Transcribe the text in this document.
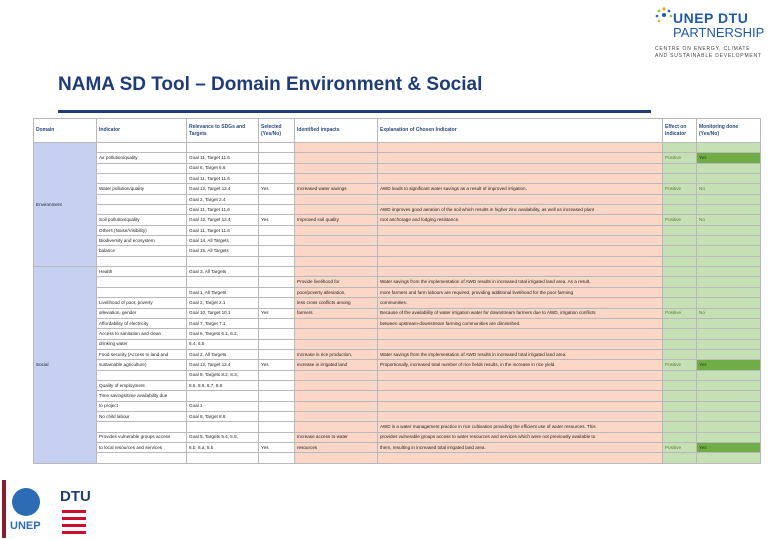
UNEP DTU
PARTNERSHIP
CENTRE ON ENERGY, CLIMATE
AND SUSTAINABLE DEVELOPMENT
NAMA SD Tool – Domain Environment & Social
Domain	Indicator	Relevance to SDGs and Targets	Selected (Yes/No)	Identified impacts	Explanation of Chosen Indicator	Effect on Indicator	Monitoring done (Yes/No)
Environment							
	Air pollution/quality	Goal 11, Target 11.6				Positive	Yes
		Goal 6, Target 6.6					
		Goal 11, Target 11.6					
	Water pollution/quality	Goal 12, Target 12.4	Yes	Increased water savings	AWD leads to significant water savings as a result of improved irrigation.	Positive	No
		Goal 2, Target 2.4					
		Goal 11, Target 11.6			AWD improves good aeration of the soil which results in higher zinc availability, as well as increased plant		
	Soil pollution/quality	Goal 12, Target 12.4	Yes	Improved soil quality	root anchorage and lodging resistance.	Positive	No
	Others (Noise/Visibility)	Goal 11, Target 11.6					
	Biodiversity and ecosystem	Goal 14, All Targets					
	balance	Goal 15, All Targets					

Social	Health	Goal 3, All Targets					
				Provide livelihood for	Water savings from the implementation of AWD results in increased total irrigated land area. As a result,		
		Goal 1, All Targets		poor/poverty alleviation,	more farmers and farm labours are required, providing additional livelihood for the poor farming		
	Livelihood of poor, poverty	Goal 2, Target 2.1		less cross conflicts among	communities.		
	alleviation, gender	Goal 10, Target 10.1	Yes	farmers	Because of the availability of water irrigation water for downstream farmers due to AWD, irrigation conflicts	Positive	No
	Affordability of electricity	Goal 7, Target 7.1			between upstream-downstream farming communities are diminished.		
	Access to sanitation and clean	Goal 6, Targets 6.1, 6.2,					
	drinking water	6.4, 6.5					
	Food security (Access to land and	Goal 2, All Targets		Increase in rice production,	Water savings from the implementation of AWD results in increased total irrigated land area.		
	sustainable agriculture)	Goal 12, Target 12.4	Yes	increase in irrigated land	Proportionally, increased total number of rice fields results, in the increase in rice yield.	Positive	Yes
		Goal 8, Targets 8.2, 8.3,					
	Quality of employment	8.5, 8.6, 8.7, 8.8					
	Time savings/time availability due						
	to project	Goal 1					
	No child labour	Goal 8, Target 8.6					
					AWD is a water management practice in rice cultivation providing the efficient use of water resources. This		
	Provides vulnerable groups access	Goal 5, Targets 5.4, 5.5,		Increase access to water	provides vulnerable groups access to water resources and services which were not previously available to		
	to local resources and services	6.b, 6.a, 5.b	Yes	resources	them, resulting in increased total irrigated land area.	Positive	Yes

UNEP
DTU
